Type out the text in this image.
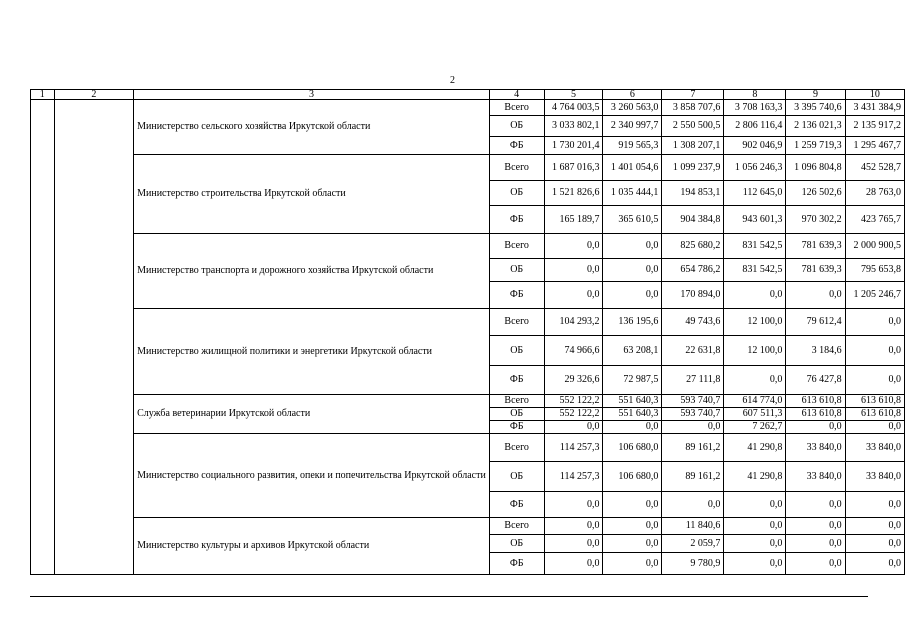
2
1	2	3	4	5	6	7	8	9	10
		Министерство сельского хозяйства Иркутской области	Всего	4 764 003,5	3 260 563,0	3 858 707,6	3 708 163,3	3 395 740,6	3 431 384,9
			ОБ	3 033 802,1	2 340 997,7	2 550 500,5	2 806 116,4	2 136 021,3	2 135 917,2
			ФБ	1 730 201,4	919 565,3	1 308 207,1	902 046,9	1 259 719,3	1 295 467,7
		Министерство строительства Иркутской области	Всего	1 687 016,3	1 401 054,6	1 099 237,9	1 056 246,3	1 096 804,8	452 528,7
			ОБ	1 521 826,6	1 035 444,1	194 853,1	112 645,0	126 502,6	28 763,0
			ФБ	165 189,7	365 610,5	904 384,8	943 601,3	970 302,2	423 765,7
		Министерство транспорта и дорожного хозяйства Иркутской области	Всего	0,0	0,0	825 680,2	831 542,5	781 639,3	2 000 900,5
			ОБ	0,0	0,0	654 786,2	831 542,5	781 639,3	795 653,8
			ФБ	0,0	0,0	170 894,0	0,0	0,0	1 205 246,7
		Министерство жилищной политики и энергетики Иркутской области	Всего	104 293,2	136 195,6	49 743,6	12 100,0	79 612,4	0,0
			ОБ	74 966,6	63 208,1	22 631,8	12 100,0	3 184,6	0,0
			ФБ	29 326,6	72 987,5	27 111,8	0,0	76 427,8	0,0
		Служба ветеринарии Иркутской области	Всего	552 122,2	551 640,3	593 740,7	614 774,0	613 610,8	613 610,8
			ОБ	552 122,2	551 640,3	593 740,7	607 511,3	613 610,8	613 610,8
			ФБ	0,0	0,0	0,0	7 262,7	0,0	0,0
		Министерство социального развития, опеки и попечительства Иркутской области	Всего	114 257,3	106 680,0	89 161,2	41 290,8	33 840,0	33 840,0
			ОБ	114 257,3	106 680,0	89 161,2	41 290,8	33 840,0	33 840,0
			ФБ	0,0	0,0	0,0	0,0	0,0	0,0
		Министерство культуры и архивов Иркутской области	Всего	0,0	0,0	11 840,6	0,0	0,0	0,0
			ОБ	0,0	0,0	2 059,7	0,0	0,0	0,0
			ФБ	0,0	0,0	9 780,9	0,0	0,0	0,0
